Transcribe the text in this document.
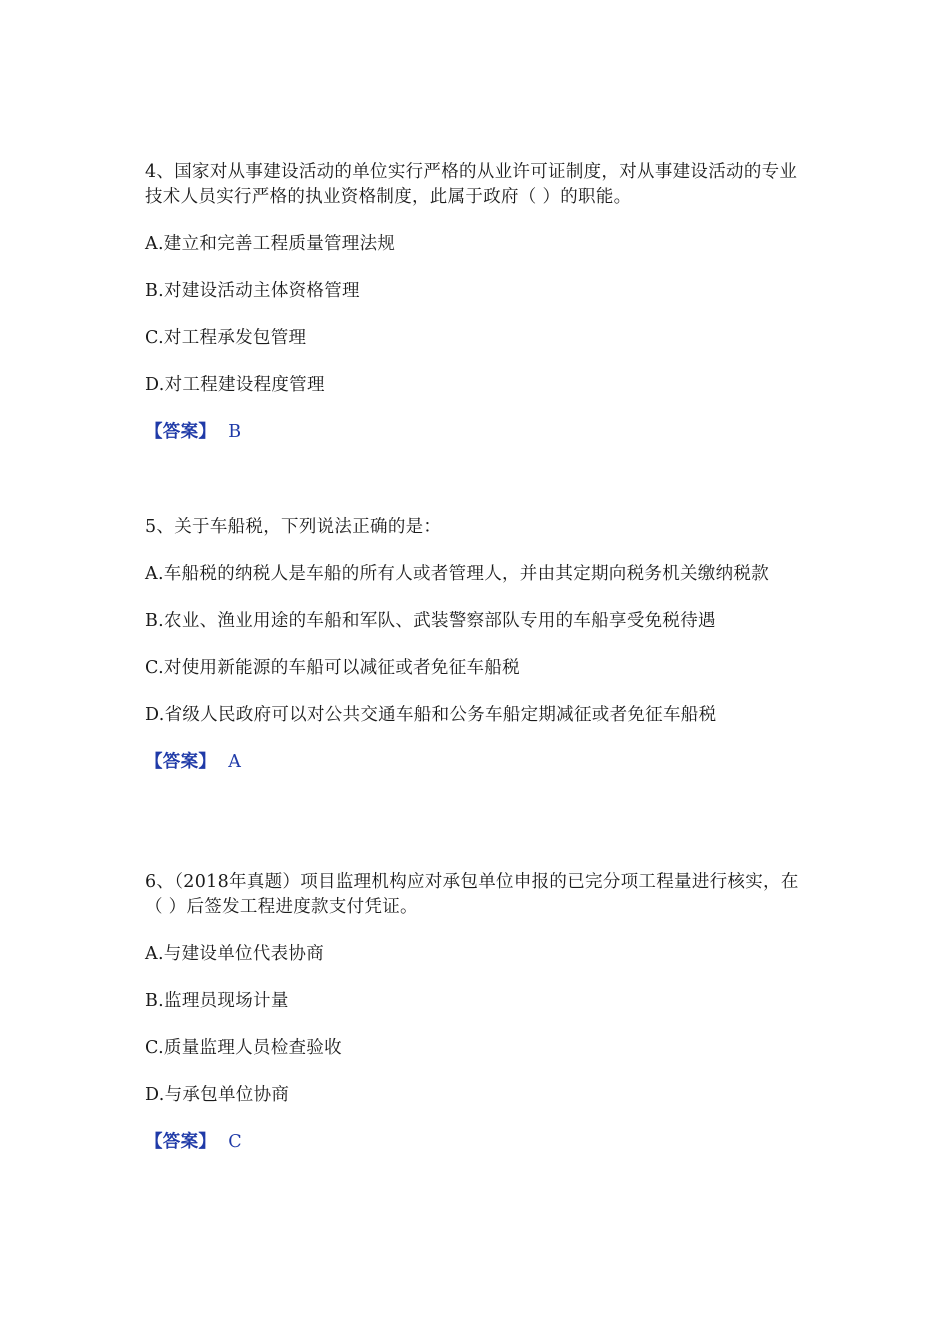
4、国家对从事建设活动的单位实行严格的从业许可证制度，对从事建设活动的专业技术人员实行严格的执业资格制度，此属于政府（ ）的职能。

A.建立和完善工程质量管理法规

B.对建设活动主体资格管理

C.对工程承发包管理

D.对工程建设程度管理

【答案】 B

5、关于车船税，下列说法正确的是：

A.车船税的纳税人是车船的所有人或者管理人，并由其定期向税务机关缴纳税款

B.农业、渔业用途的车船和军队、武装警察部队专用的车船享受免税待遇

C.对使用新能源的车船可以减征或者免征车船税

D.省级人民政府可以对公共交通车船和公务车船定期减征或者免征车船税

【答案】 A

6、（2018年真题）项目监理机构应对承包单位申报的已完分项工程量进行核实，在（ ）后签发工程进度款支付凭证。

A.与建设单位代表协商

B.监理员现场计量

C.质量监理人员检查验收

D.与承包单位协商

【答案】 C
